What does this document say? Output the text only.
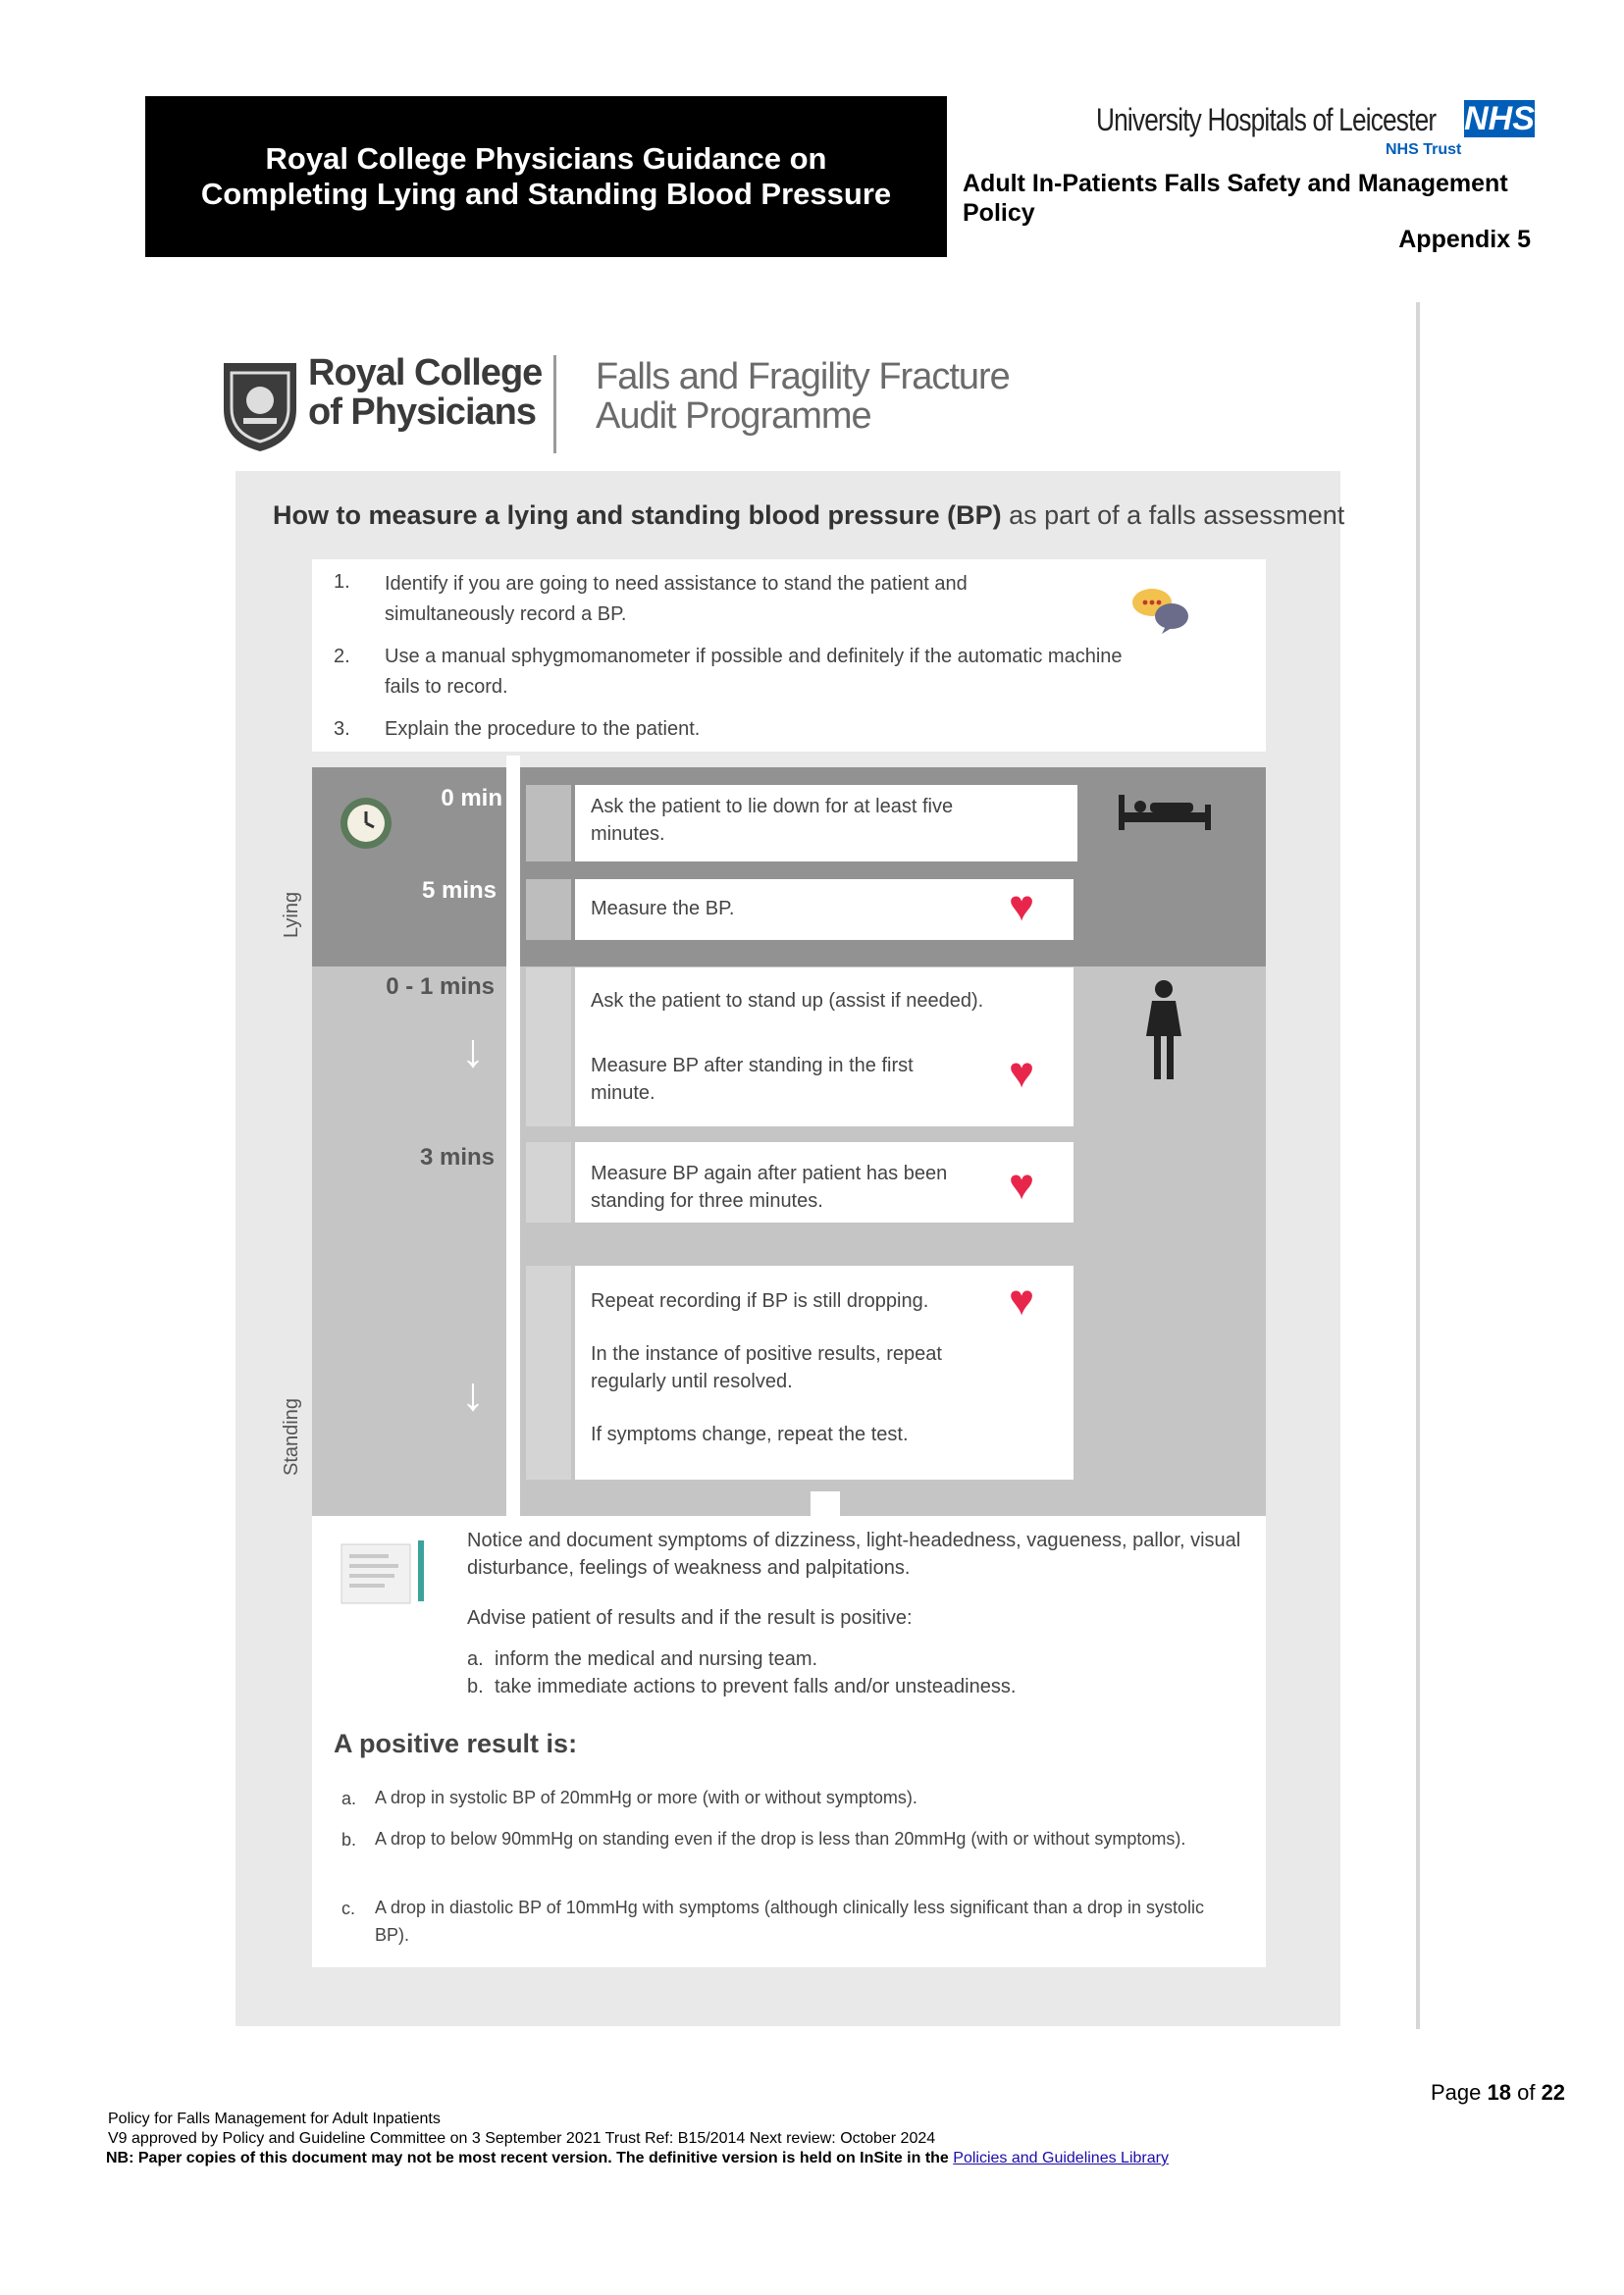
Royal College Physicians Guidance on
Completing Lying and Standing Blood Pressure
University Hospitals of Leicester NHS
NHS Trust
Adult In-Patients Falls Safety and Management Policy
Appendix 5
Royal College
of Physicians
Falls and Fragility Fracture
Audit Programme
How to measure a lying and standing blood pressure (BP) as part of a falls assessment
1. Identify if you are going to need assistance to stand the patient and simultaneously record a BP.
2. Use a manual sphygmomanometer if possible and definitely if the automatic machine fails to record.
3. Explain the procedure to the patient.
0 min
5 mins
Lying
Ask the patient to lie down for at least five minutes.
Measure the BP.	♥
0 - 1 mins
↓
3 mins
↓
Standing
Ask the patient to stand up (assist if needed).
Measure BP after standing in the first minute.	♥
Measure BP again after patient has been standing for three minutes.	♥
Repeat recording if BP is still dropping.	♥
In the instance of positive results, repeat regularly until resolved.
If symptoms change, repeat the test.
Notice and document symptoms of dizziness, light-headedness, vagueness, pallor, visual disturbance, feelings of weakness and palpitations.
Advise patient of results and if the result is positive:
a. inform the medical and nursing team.
b. take immediate actions to prevent falls and/or unsteadiness.
A positive result is:
a. A drop in systolic BP of 20mmHg or more (with or without symptoms).
b. A drop to below 90mmHg on standing even if the drop is less than 20mmHg (with or without symptoms).
c. A drop in diastolic BP of 10mmHg with symptoms (although clinically less significant than a drop in systolic BP).
Page 18 of 22
Policy for Falls Management for Adult Inpatients
V9 approved by Policy and Guideline Committee on 3 September 2021 Trust Ref: B15/2014 Next review: October 2024
NB: Paper copies of this document may not be most recent version. The definitive version is held on InSite in the Policies and Guidelines Library
